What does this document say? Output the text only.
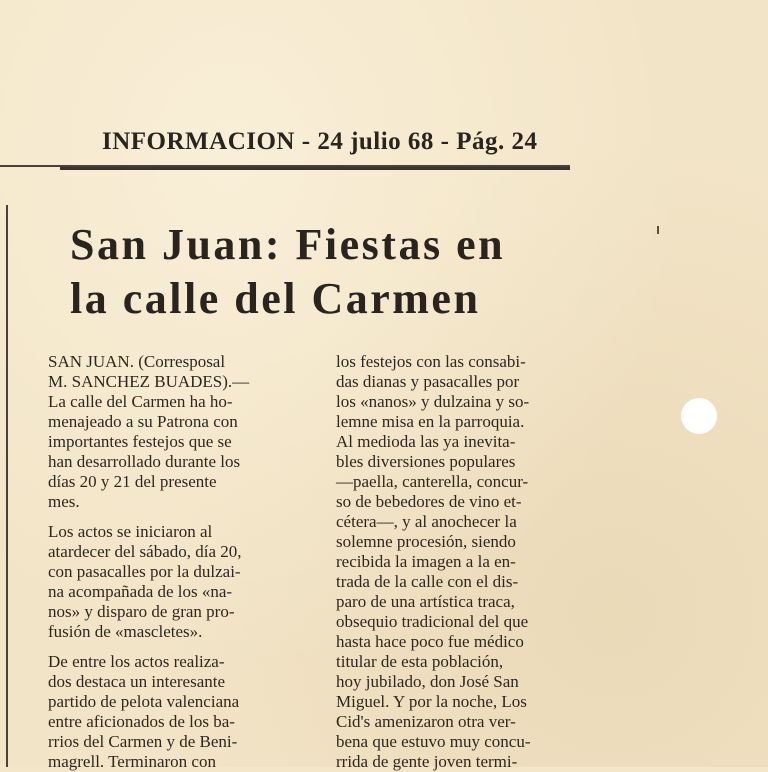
INFORMACION - 24 julio 68 - Pág. 24
San Juan: Fiestas en
la calle del Carmen

SAN JUAN. (Corresposal
M. SANCHEZ BUADES).—
La calle del Carmen ha ho-
menajeado a su Patrona con
importantes festejos que se
han desarrollado durante los
días 20 y 21 del presente
mes.

Los actos se iniciaron al
atardecer del sábado, día 20,
con pasacalles por la dulzai-
na acompañada de los «na-
nos» y disparo de gran pro-
fusión de «mascletes».

De entre los actos realiza-
dos destaca un interesante
partido de pelota valenciana
entre aficionados de los ba-
rrios del Carmen y de Beni-
magrell. Terminaron con

los festejos con las consabi-
das dianas y pasacalles por
los «nanos» y dulzaina y so-
lemne misa en la parroquia.
Al medioda las ya inevita-
bles diversiones populares
—paella, canterella, concur-
so de bebedores de vino et-
cétera—, y al anochecer la
solemne procesión, siendo
recibida la imagen a la en-
trada de la calle con el dis-
paro de una artística traca,
obsequio tradicional del que
hasta hace poco fue médico
titular de esta población,
hoy jubilado, don José San
Miguel. Y por la noche, Los
Cid's amenizaron otra ver-
bena que estuvo muy concu-
rrida de gente joven termi-
